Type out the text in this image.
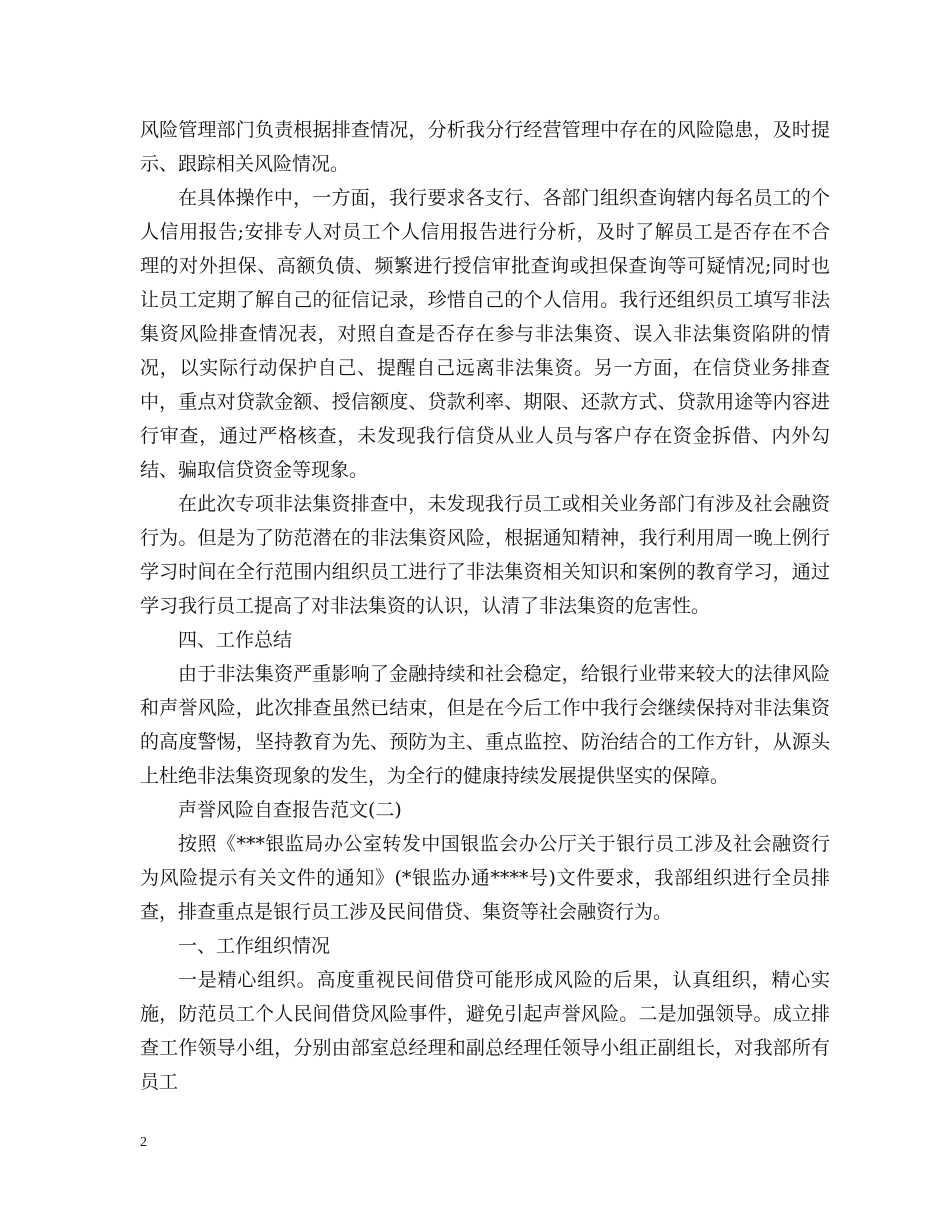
风险管理部门负责根据排查情况，分析我分行经营管理中存在的风险隐患，及时提示、跟踪相关风险情况。

在具体操作中，一方面，我行要求各支行、各部门组织查询辖内每名员工的个人信用报告;安排专人对员工个人信用报告进行分析，及时了解员工是否存在不合理的对外担保、高额负债、频繁进行授信审批查询或担保查询等可疑情况;同时也让员工定期了解自己的征信记录，珍惜自己的个人信用。我行还组织员工填写非法集资风险排查情况表，对照自查是否存在参与非法集资、误入非法集资陷阱的情况，以实际行动保护自己、提醒自己远离非法集资。另一方面，在信贷业务排查中，重点对贷款金额、授信额度、贷款利率、期限、还款方式、贷款用途等内容进行审查，通过严格核查，未发现我行信贷从业人员与客户存在资金拆借、内外勾结、骗取信贷资金等现象。

在此次专项非法集资排查中，未发现我行员工或相关业务部门有涉及社会融资行为。但是为了防范潜在的非法集资风险，根据通知精神，我行利用周一晚上例行学习时间在全行范围内组织员工进行了非法集资相关知识和案例的教育学习，通过学习我行员工提高了对非法集资的认识，认清了非法集资的危害性。

四、工作总结

由于非法集资严重影响了金融持续和社会稳定，给银行业带来较大的法律风险和声誉风险，此次排查虽然已结束，但是在今后工作中我行会继续保持对非法集资的高度警惕，坚持教育为先、预防为主、重点监控、防治结合的工作方针，从源头上杜绝非法集资现象的发生，为全行的健康持续发展提供坚实的保障。

声誉风险自查报告范文(二)

按照《***银监局办公室转发中国银监会办公厅关于银行员工涉及社会融资行为风险提示有关文件的通知》(*银监办通****号)文件要求，我部组织进行全员排查，排查重点是银行员工涉及民间借贷、集资等社会融资行为。

一、工作组织情况

一是精心组织。高度重视民间借贷可能形成风险的后果，认真组织，精心实施，防范员工个人民间借贷风险事件，避免引起声誉风险。二是加强领导。成立排查工作领导小组，分别由部室总经理和副总经理任领导小组正副组长，对我部所有员工

2
